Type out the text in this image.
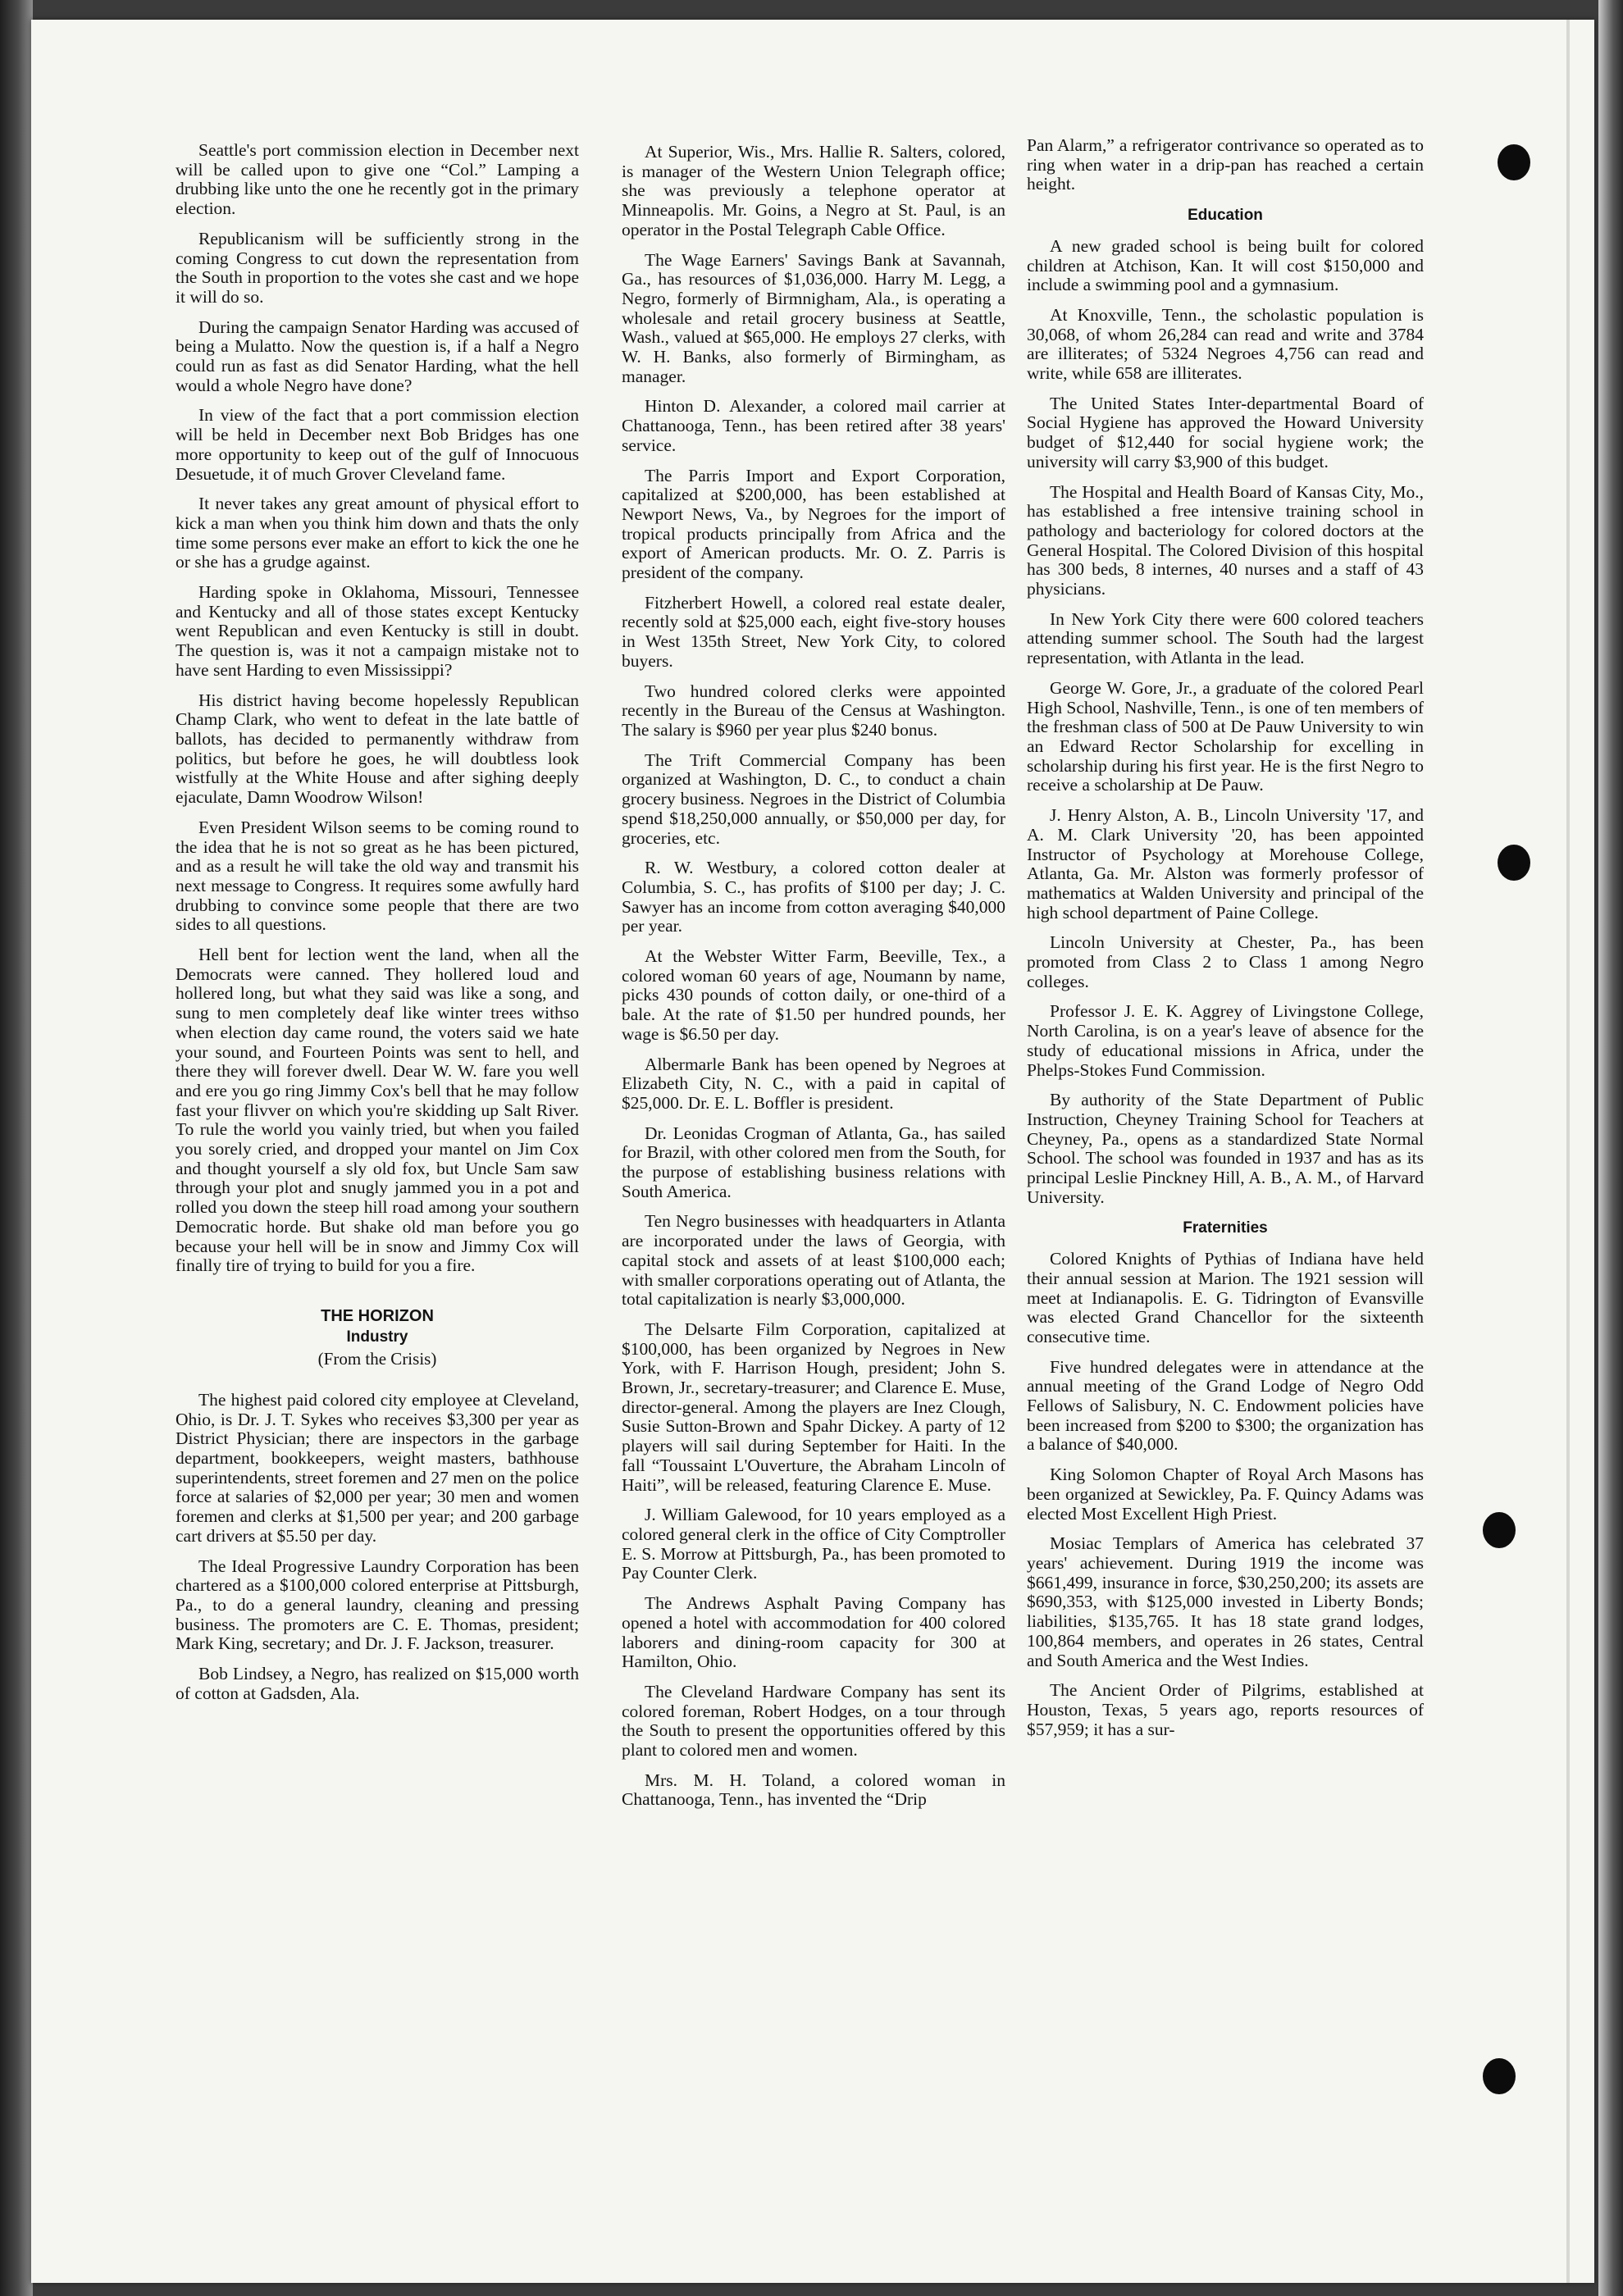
Seattle's port commission election in December next will be called upon to give one “Col.” Lamping a drubbing like unto the one he recently got in the primary election.

Republicanism will be sufficiently strong in the coming Congress to cut down the representation from the South in proportion to the votes she cast and we hope it will do so.

During the campaign Senator Harding was accused of being a Mulatto. Now the question is, if a half a Negro could run as fast as did Senator Harding, what the hell would a whole Negro have done?

In view of the fact that a port commission election will be held in December next Bob Bridges has one more opportunity to keep out of the gulf of Innocuous Desuetude, it of much Grover Cleveland fame.

It never takes any great amount of physical effort to kick a man when you think him down and thats the only time some persons ever make an effort to kick the one he or she has a grudge against.

Harding spoke in Oklahoma, Missouri, Tennessee and Kentucky and all of those states except Kentucky went Republican and even Kentucky is still in doubt. The question is, was it not a campaign mistake not to have sent Harding to even Mississippi?

His district having become hopelessly Republican Champ Clark, who went to defeat in the late battle of ballots, has decided to permanently withdraw from politics, but before he goes, he will doubtless look wistfully at the White House and after sighing deeply ejaculate, Damn Woodrow Wilson!

Even President Wilson seems to be coming round to the idea that he is not so great as he has been pictured, and as a result he will take the old way and transmit his next message to Congress. It requires some awfully hard drubbing to convince some people that there are two sides to all questions.

Hell bent for lection went the land, when all the Democrats were canned. They hollered loud and hollered long, but what they said was like a song, and sung to men completely deaf like winter trees withso when election day came round, the voters said we hate your sound, and Fourteen Points was sent to hell, and there they will forever dwell. Dear W. W. fare you well and ere you go ring Jimmy Cox's bell that he may follow fast your flivver on which you're skidding up Salt River. To rule the world you vainly tried, but when you failed you sorely cried, and dropped your mantel on Jim Cox and thought yourself a sly old fox, but Uncle Sam saw through your plot and snugly jammed you in a pot and rolled you down the steep hill road among your southern Democratic horde. But shake old man before you go because your hell will be in snow and Jimmy Cox will finally tire of trying to build for you a fire.

THE HORIZON
Industry
(From the Crisis)

The highest paid colored city employee at Cleveland, Ohio, is Dr. J. T. Sykes who receives $3,300 per year as District Physician; there are inspectors in the garbage department, bookkeepers, weight masters, bathhouse superintendents, street foremen and 27 men on the police force at salaries of $2,000 per year; 30 men and women foremen and clerks at $1,500 per year; and 200 garbage cart drivers at $5.50 per day.

The Ideal Progressive Laundry Corporation has been chartered as a $100,000 colored enterprise at Pittsburgh, Pa., to do a general laundry, cleaning and pressing business. The promoters are C. E. Thomas, president; Mark King, secretary; and Dr. J. F. Jackson, treasurer.

Bob Lindsey, a Negro, has realized on $15,000 worth of cotton at Gadsden, Ala.

At Superior, Wis., Mrs. Hallie R. Salters, colored, is manager of the Western Union Telegraph office; she was previously a telephone operator at Minneapolis. Mr. Goins, a Negro at St. Paul, is an operator in the Postal Telegraph Cable Office.

The Wage Earners' Savings Bank at Savannah, Ga., has resources of $1,036,000. Harry M. Legg, a Negro, formerly of Birmnigham, Ala., is operating a wholesale and retail grocery business at Seattle, Wash., valued at $65,000. He employs 27 clerks, with W. H. Banks, also formerly of Birmingham, as manager.

Hinton D. Alexander, a colored mail carrier at Chattanooga, Tenn., has been retired after 38 years' service.

The Parris Import and Export Corporation, capitalized at $200,000, has been established at Newport News, Va., by Negroes for the import of tropical products principally from Africa and the export of American products. Mr. O. Z. Parris is president of the company.

Fitzherbert Howell, a colored real estate dealer, recently sold at $25,000 each, eight five-story houses in West 135th Street, New York City, to colored buyers.

Two hundred colored clerks were appointed recently in the Bureau of the Census at Washington. The salary is $960 per year plus $240 bonus.

The Trift Commercial Company has been organized at Washington, D. C., to conduct a chain grocery business. Negroes in the District of Columbia spend $18,250,000 annually, or $50,000 per day, for groceries, etc.

R. W. Westbury, a colored cotton dealer at Columbia, S. C., has profits of $100 per day; J. C. Sawyer has an income from cotton averaging $40,000 per year.

At the Webster Witter Farm, Beeville, Tex., a colored woman 60 years of age, Noumann by name, picks 430 pounds of cotton daily, or one-third of a bale. At the rate of $1.50 per hundred pounds, her wage is $6.50 per day.

Albermarle Bank has been opened by Negroes at Elizabeth City, N. C., with a paid in capital of $25,000. Dr. E. L. Boffler is president.

Dr. Leonidas Crogman of Atlanta, Ga., has sailed for Brazil, with other colored men from the South, for the purpose of establishing business relations with South America.

Ten Negro businesses with headquarters in Atlanta are incorporated under the laws of Georgia, with capital stock and assets of at least $100,000 each; with smaller corporations operating out of Atlanta, the total capitalization is nearly $3,000,000.

The Delsarte Film Corporation, capitalized at $100,000, has been organized by Negroes in New York, with F. Harrison Hough, president; John S. Brown, Jr., secretary-treasurer; and Clarence E. Muse, director-general. Among the players are Inez Clough, Susie Sutton-Brown and Spahr Dickey. A party of 12 players will sail during September for Haiti. In the fall “Toussaint L'Ouverture, the Abraham Lincoln of Haiti”, will be released, featuring Clarence E. Muse.

J. William Galewood, for 10 years employed as a colored general clerk in the office of City Comptroller E. S. Morrow at Pittsburgh, Pa., has been promoted to Pay Counter Clerk.

The Andrews Asphalt Paving Company has opened a hotel with accommodation for 400 colored laborers and dining-room capacity for 300 at Hamilton, Ohio.

The Cleveland Hardware Company has sent its colored foreman, Robert Hodges, on a tour through the South to present the opportunities offered by this plant to colored men and women.

Mrs. M. H. Toland, a colored woman in Chattanooga, Tenn., has invented the “Drip

Pan Alarm,” a refrigerator contrivance so operated as to ring when water in a drip-pan has reached a certain height.

Education

A new graded school is being built for colored children at Atchison, Kan. It will cost $150,000 and include a swimming pool and a gymnasium.

At Knoxville, Tenn., the scholastic population is 30,068, of whom 26,284 can read and write and 3784 are illiterates; of 5324 Negroes 4,756 can read and write, while 658 are illiterates.

The United States Inter-departmental Board of Social Hygiene has approved the Howard University budget of $12,440 for social hygiene work; the university will carry $3,900 of this budget.

The Hospital and Health Board of Kansas City, Mo., has established a free intensive training school in pathology and bacteriology for colored doctors at the General Hospital. The Colored Division of this hospital has 300 beds, 8 internes, 40 nurses and a staff of 43 physicians.

In New York City there were 600 colored teachers attending summer school. The South had the largest representation, with Atlanta in the lead.

George W. Gore, Jr., a graduate of the colored Pearl High School, Nashville, Tenn., is one of ten members of the freshman class of 500 at De Pauw University to win an Edward Rector Scholarship for excelling in scholarship during his first year. He is the first Negro to receive a scholarship at De Pauw.

J. Henry Alston, A. B., Lincoln University '17, and A. M. Clark University '20, has been appointed Instructor of Psychology at Morehouse College, Atlanta, Ga. Mr. Alston was formerly professor of mathematics at Walden University and principal of the high school department of Paine College.

Lincoln University at Chester, Pa., has been promoted from Class 2 to Class 1 among Negro colleges.

Professor J. E. K. Aggrey of Livingstone College, North Carolina, is on a year's leave of absence for the study of educational missions in Africa, under the Phelps-Stokes Fund Commission.

By authority of the State Department of Public Instruction, Cheyney Training School for Teachers at Cheyney, Pa., opens as a standardized State Normal School. The school was founded in 1937 and has as its principal Leslie Pinckney Hill, A. B., A. M., of Harvard University.

Fraternities

Colored Knights of Pythias of Indiana have held their annual session at Marion. The 1921 session will meet at Indianapolis. E. G. Tidrington of Evansville was elected Grand Chancellor for the sixteenth consecutive time.

Five hundred delegates were in attendance at the annual meeting of the Grand Lodge of Negro Odd Fellows of Salisbury, N. C. Endowment policies have been increased from $200 to $300; the organization has a balance of $40,000.

King Solomon Chapter of Royal Arch Masons has been organized at Sewickley, Pa. F. Quincy Adams was elected Most Excellent High Priest.

Mosiac Templars of America has celebrated 37 years' achievement. During 1919 the income was $661,499, insurance in force, $30,250,200; its assets are $690,353, with $125,000 invested in Liberty Bonds; liabilities, $135,765. It has 18 state grand lodges, 100,864 members, and operates in 26 states, Central and South America and the West Indies.

The Ancient Order of Pilgrims, established at Houston, Texas, 5 years ago, reports resources of $57,959; it has a sur-
